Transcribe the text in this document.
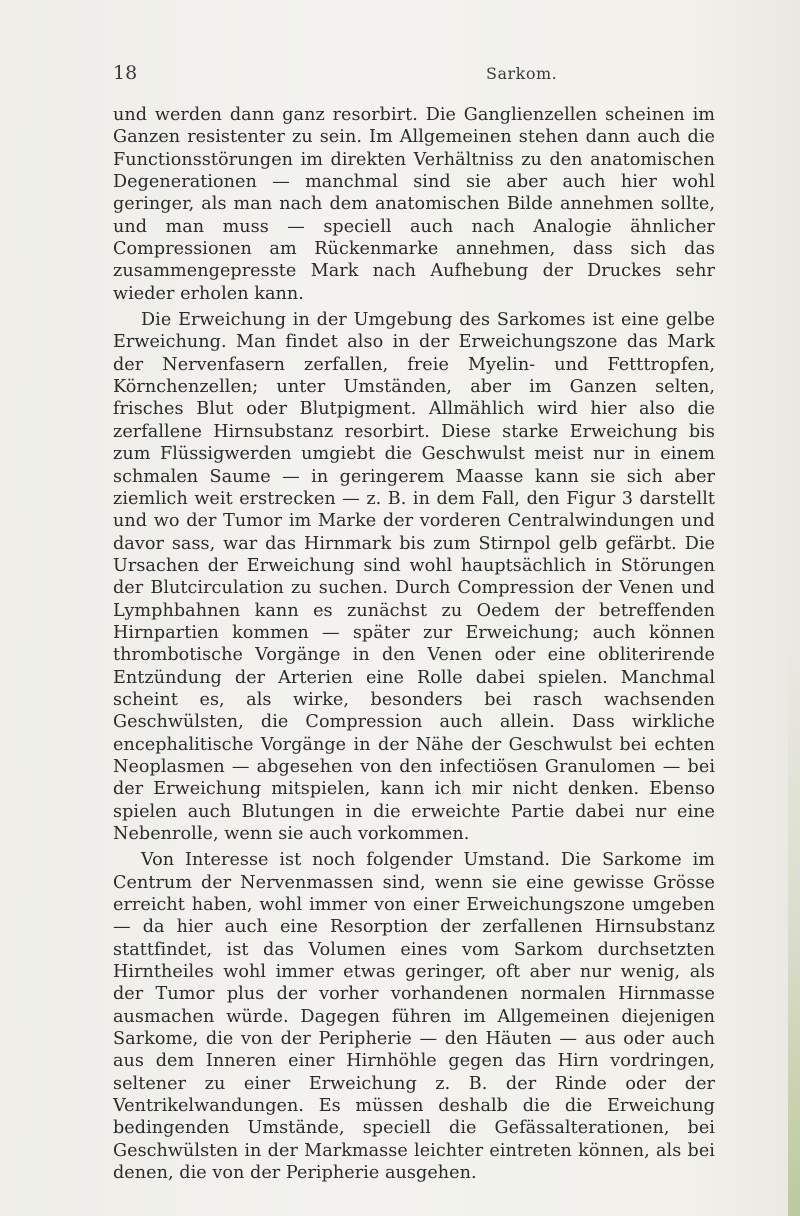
18	Sarkom.

und werden dann ganz resorbirt. Die Ganglienzellen scheinen im Ganzen resistenter zu sein. Im Allgemeinen stehen dann auch die Functionsstörungen im direkten Verhältniss zu den anatomischen Degenerationen — manchmal sind sie aber auch hier wohl geringer, als man nach dem anatomischen Bilde annehmen sollte, und man muss — speciell auch nach Analogie ähnlicher Compressionen am Rückenmarke annehmen, dass sich das zusammengepresste Mark nach Aufhebung der Druckes sehr wieder erholen kann.

Die Erweichung in der Umgebung des Sarkomes ist eine gelbe Erweichung. Man findet also in der Erweichungszone das Mark der Nervenfasern zerfallen, freie Myelin- und Fetttropfen, Körnchenzellen; unter Umständen, aber im Ganzen selten, frisches Blut oder Blutpigment. Allmählich wird hier also die zerfallene Hirnsubstanz resorbirt. Diese starke Erweichung bis zum Flüssigwerden umgiebt die Geschwulst meist nur in einem schmalen Saume — in geringerem Maasse kann sie sich aber ziemlich weit erstrecken — z. B. in dem Fall, den Figur 3 darstellt und wo der Tumor im Marke der vorderen Centralwindungen und davor sass, war das Hirnmark bis zum Stirnpol gelb gefärbt. Die Ursachen der Erweichung sind wohl hauptsächlich in Störungen der Blutcirculation zu suchen. Durch Compression der Venen und Lymphbahnen kann es zunächst zu Oedem der betreffenden Hirnpartien kommen — später zur Erweichung; auch können thrombotische Vorgänge in den Venen oder eine obliterirende Entzündung der Arterien eine Rolle dabei spielen. Manchmal scheint es, als wirke, besonders bei rasch wachsenden Geschwülsten, die Compression auch allein. Dass wirkliche encephalitische Vorgänge in der Nähe der Geschwulst bei echten Neoplasmen — abgesehen von den infectiösen Granulomen — bei der Erweichung mitspielen, kann ich mir nicht denken. Ebenso spielen auch Blutungen in die erweichte Partie dabei nur eine Nebenrolle, wenn sie auch vorkommen.

Von Interesse ist noch folgender Umstand. Die Sarkome im Centrum der Nervenmassen sind, wenn sie eine gewisse Grösse erreicht haben, wohl immer von einer Erweichungszone umgeben — da hier auch eine Resorption der zerfallenen Hirnsubstanz stattfindet, ist das Volumen eines vom Sarkom durchsetzten Hirntheiles wohl immer etwas geringer, oft aber nur wenig, als der Tumor plus der vorher vorhandenen normalen Hirnmasse ausmachen würde. Dagegen führen im Allgemeinen diejenigen Sarkome, die von der Peripherie — den Häuten — aus oder auch aus dem Inneren einer Hirnhöhle gegen das Hirn vordringen, seltener zu einer Erweichung z. B. der Rinde oder der Ventrikelwandungen. Es müssen deshalb die die Erweichung bedingenden Umstände, speciell die Gefässalterationen, bei Geschwülsten in der Markmasse leichter eintreten können, als bei denen, die von der Peripherie ausgehen.
